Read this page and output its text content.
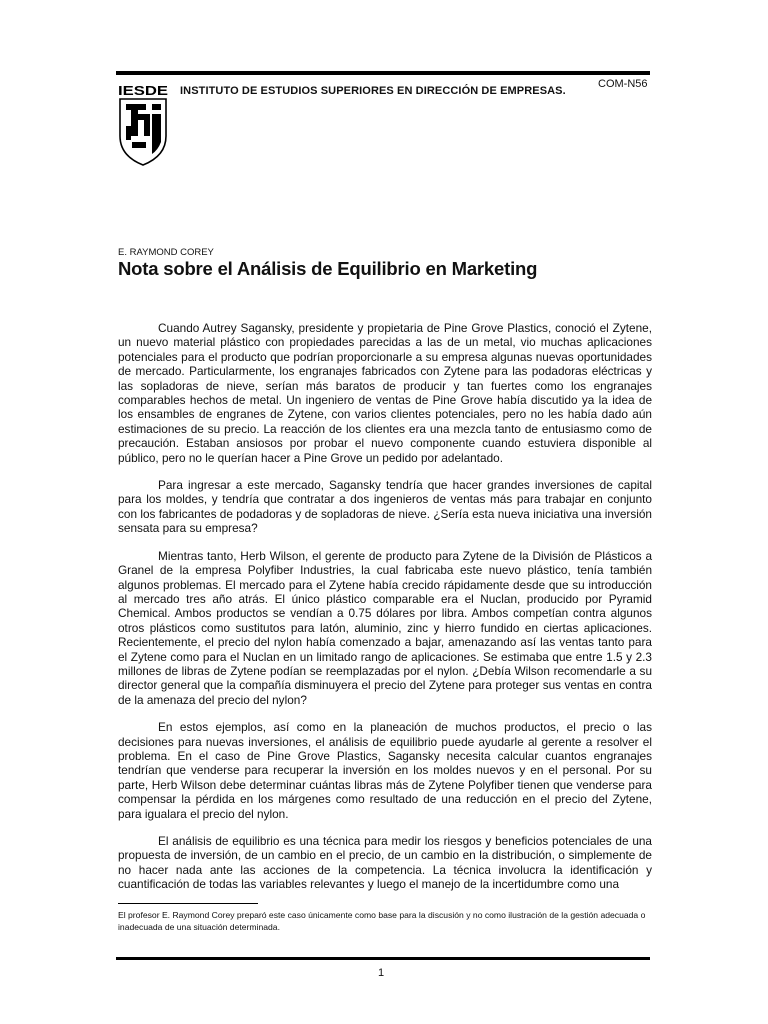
COM-N56
IESDE INSTITUTO DE ESTUDIOS SUPERIORES EN DIRECCIÓN DE EMPRESAS.
E. RAYMOND COREY
Nota sobre el Análisis de Equilibrio en Marketing

Cuando Autrey Sagansky, presidente y propietaria de Pine Grove Plastics, conoció el Zytene, un nuevo material plástico con propiedades parecidas a las de un metal, vio muchas aplicaciones potenciales para el producto que podrían proporcionarle a su empresa algunas nuevas oportunidades de mercado. Particularmente, los engranajes fabricados con Zytene para las podadoras eléctricas y las sopladoras de nieve, serían más baratos de producir y tan fuertes como los engranajes comparables hechos de metal. Un ingeniero de ventas de Pine Grove había discutido ya la idea de los ensambles de engranes de Zytene, con varios clientes potenciales, pero no les había dado aún estimaciones de su precio. La reacción de los clientes era una mezcla tanto de entusiasmo como de precaución. Estaban ansiosos por probar el nuevo componente cuando estuviera disponible al público, pero no le querían hacer a Pine Grove un pedido por adelantado.

Para ingresar a este mercado, Sagansky tendría que hacer grandes inversiones de capital para los moldes, y tendría que contratar a dos ingenieros de ventas más para trabajar en conjunto con los fabricantes de podadoras y de sopladoras de nieve. ¿Sería esta nueva iniciativa una inversión sensata para su empresa?

Mientras tanto, Herb Wilson, el gerente de producto para Zytene de la División de Plásticos a Granel de la empresa Polyfiber Industries, la cual fabricaba este nuevo plástico, tenía también algunos problemas. El mercado para el Zytene había crecido rápidamente desde que su introducción al mercado tres año atrás. El único plástico comparable era el Nuclan, producido por Pyramid Chemical. Ambos productos se vendían a 0.75 dólares por libra. Ambos competían contra algunos otros plásticos como sustitutos para latón, aluminio, zinc y hierro fundido en ciertas aplicaciones. Recientemente, el precio del nylon había comenzado a bajar, amenazando así las ventas tanto para el Zytene como para el Nuclan en un limitado rango de aplicaciones. Se estimaba que entre 1.5 y 2.3 millones de libras de Zytene podían se reemplazadas por el nylon. ¿Debía Wilson recomendarle a su director general que la compañía disminuyera el precio del Zytene para proteger sus ventas en contra de la amenaza del precio del nylon?

En estos ejemplos, así como en la planeación de muchos productos, el precio o las decisiones para nuevas inversiones, el análisis de equilibrio puede ayudarle al gerente a resolver el problema. En el caso de Pine Grove Plastics, Sagansky necesita calcular cuantos engranajes tendrían que venderse para recuperar la inversión en los moldes nuevos y en el personal. Por su parte, Herb Wilson debe determinar cuántas libras más de Zytene Polyfiber tienen que venderse para compensar la pérdida en los márgenes como resultado de una reducción en el precio del Zytene, para igualara el precio del nylon.

El análisis de equilibrio es una técnica para medir los riesgos y beneficios potenciales de una propuesta de inversión, de un cambio en el precio, de un cambio en la distribución, o simplemente de no hacer nada ante las acciones de la competencia. La técnica involucra la identificación y cuantificación de todas las variables relevantes y luego el manejo de la incertidumbre como una

El profesor E. Raymond Corey preparó este caso únicamente como base para la discusión y no como ilustración de la gestión adecuada o inadecuada de una situación determinada.
1
